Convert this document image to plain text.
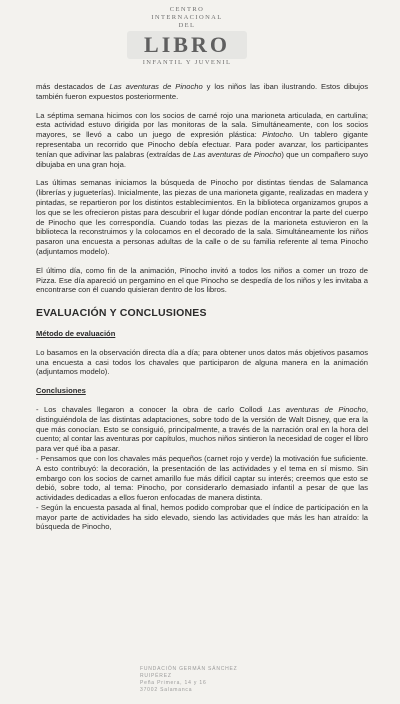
CENTRO
INTERNACIONAL
DEL
LIBRO
INFANTIL Y JUVENIL

más destacados de Las aventuras de Pinocho y los niños las iban ilustrando. Estos dibujos también fueron expuestos posteriormente.

La séptima semana hicimos con los socios de carné rojo una marioneta articulada, en cartulina; esta actividad estuvo dirigida por las monitoras de la sala. Simultáneamente, con los socios mayores, se llevó a cabo un juego de expresión plástica: Pintocho. Un tablero gigante representaba un recorrido que Pinocho debía efectuar. Para poder avanzar, los participantes tenían que adivinar las palabras (extraídas de Las aventuras de Pinocho) que un compañero suyo dibujaba en una gran hoja.

Las últimas semanas iniciamos la búsqueda de Pinocho por distintas tiendas de Salamanca (librerías y jugueterías). Inicialmente, las piezas de una marioneta gigante, realizadas en madera y pintadas, se repartieron por los distintos establecimientos. En la biblioteca organizamos grupos a los que se les ofrecieron pistas para descubrir el lugar dónde podían encontrar la parte del cuerpo de Pinocho que les correspondía. Cuando todas las piezas de la marioneta estuvieron en la biblioteca la reconstruimos y la colocamos en el decorado de la sala. Simultáneamente los niños pasaron una encuesta a personas adultas de la calle o de su familia referente al tema Pinocho (adjuntamos modelo).

El último día, como fin de la animación, Pinocho invitó a todos los niños a comer un trozo de Pizza. Ese día apareció un pergamino en el que Pinocho se despedía de los niños y les invitaba a encontrarse con él cuando quisieran dentro de los libros.

EVALUACIÓN Y CONCLUSIONES

Método de evaluación

Lo basamos en la observación directa día a día; para obtener unos datos más objetivos pasamos una encuesta a casi todos los chavales que participaron de alguna manera en la animación (adjuntamos modelo).

Conclusiones

- Los chavales llegaron a conocer la obra de carlo Collodi Las aventuras de Pinocho, distinguiéndola de las distintas adaptaciones, sobre todo de la versión de Walt Disney, que era la que más conocían. Esto se consiguió, principalmente, a través de la narración oral en la hora del cuento; al contar las aventuras por capítulos, muchos niños sintieron la necesidad de coger el libro para ver qué iba a pasar.

- Pensamos que con los chavales más pequeños (carnet rojo y verde) la motivación fue suficiente. A esto contribuyó: la decoración, la presentación de las actividades y el tema en sí mismo. Sin embargo con los socios de carnet amarillo fue más difícil captar su interés; creemos que esto se debió, sobre todo, al tema: Pinocho, por considerarlo demasiado infantil a pesar de que las actividades dedicadas a ellos fueron enfocadas de manera distinta.

- Según la encuesta pasada al final, hemos podido comprobar que el índice de participación en la mayor parte de actividades ha sido elevado, siendo las actividades que más les han atraído: la búsqueda de Pinocho,

FUNDACIÓN GERMÁN SÁNCHEZ RUIPÉREZ
Peña Primera, 14 y 16
37002 Salamanca
